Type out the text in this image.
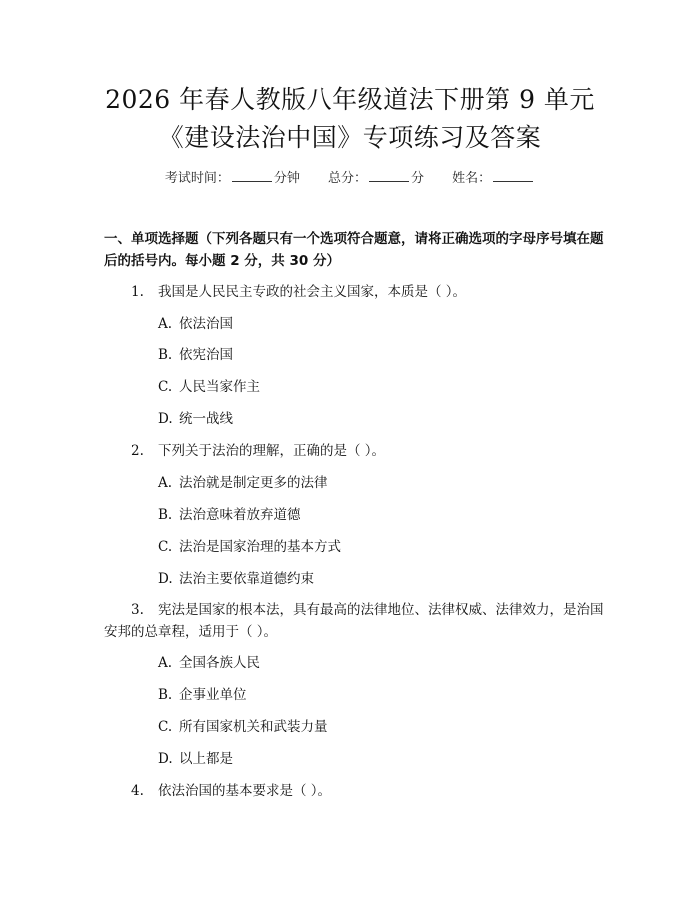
2026 年春人教版八年级道法下册第 9 单元
《建设法治中国》专项练习及答案
考试时间：	分钟 总分：	分 姓名：
一、单项选择题（下列各题只有一个选项符合题意，请将正确选项的字母序号填在题后的括号内。每小题 2 分，共 30 分）
1. 我国是人民民主专政的社会主义国家，本质是（ ）。
A. 依法治国
B. 依宪治国
C. 人民当家作主
D. 统一战线
2. 下列关于法治的理解，正确的是（ ）。
A. 法治就是制定更多的法律
B. 法治意味着放弃道德
C. 法治是国家治理的基本方式
D. 法治主要依靠道德约束
3. 宪法是国家的根本法，具有最高的法律地位、法律权威、法律效力，是治国安邦的总章程，适用于（ ）。
A. 全国各族人民
B. 企事业单位
C. 所有国家机关和武装力量
D. 以上都是
4. 依法治国的基本要求是（ ）。
